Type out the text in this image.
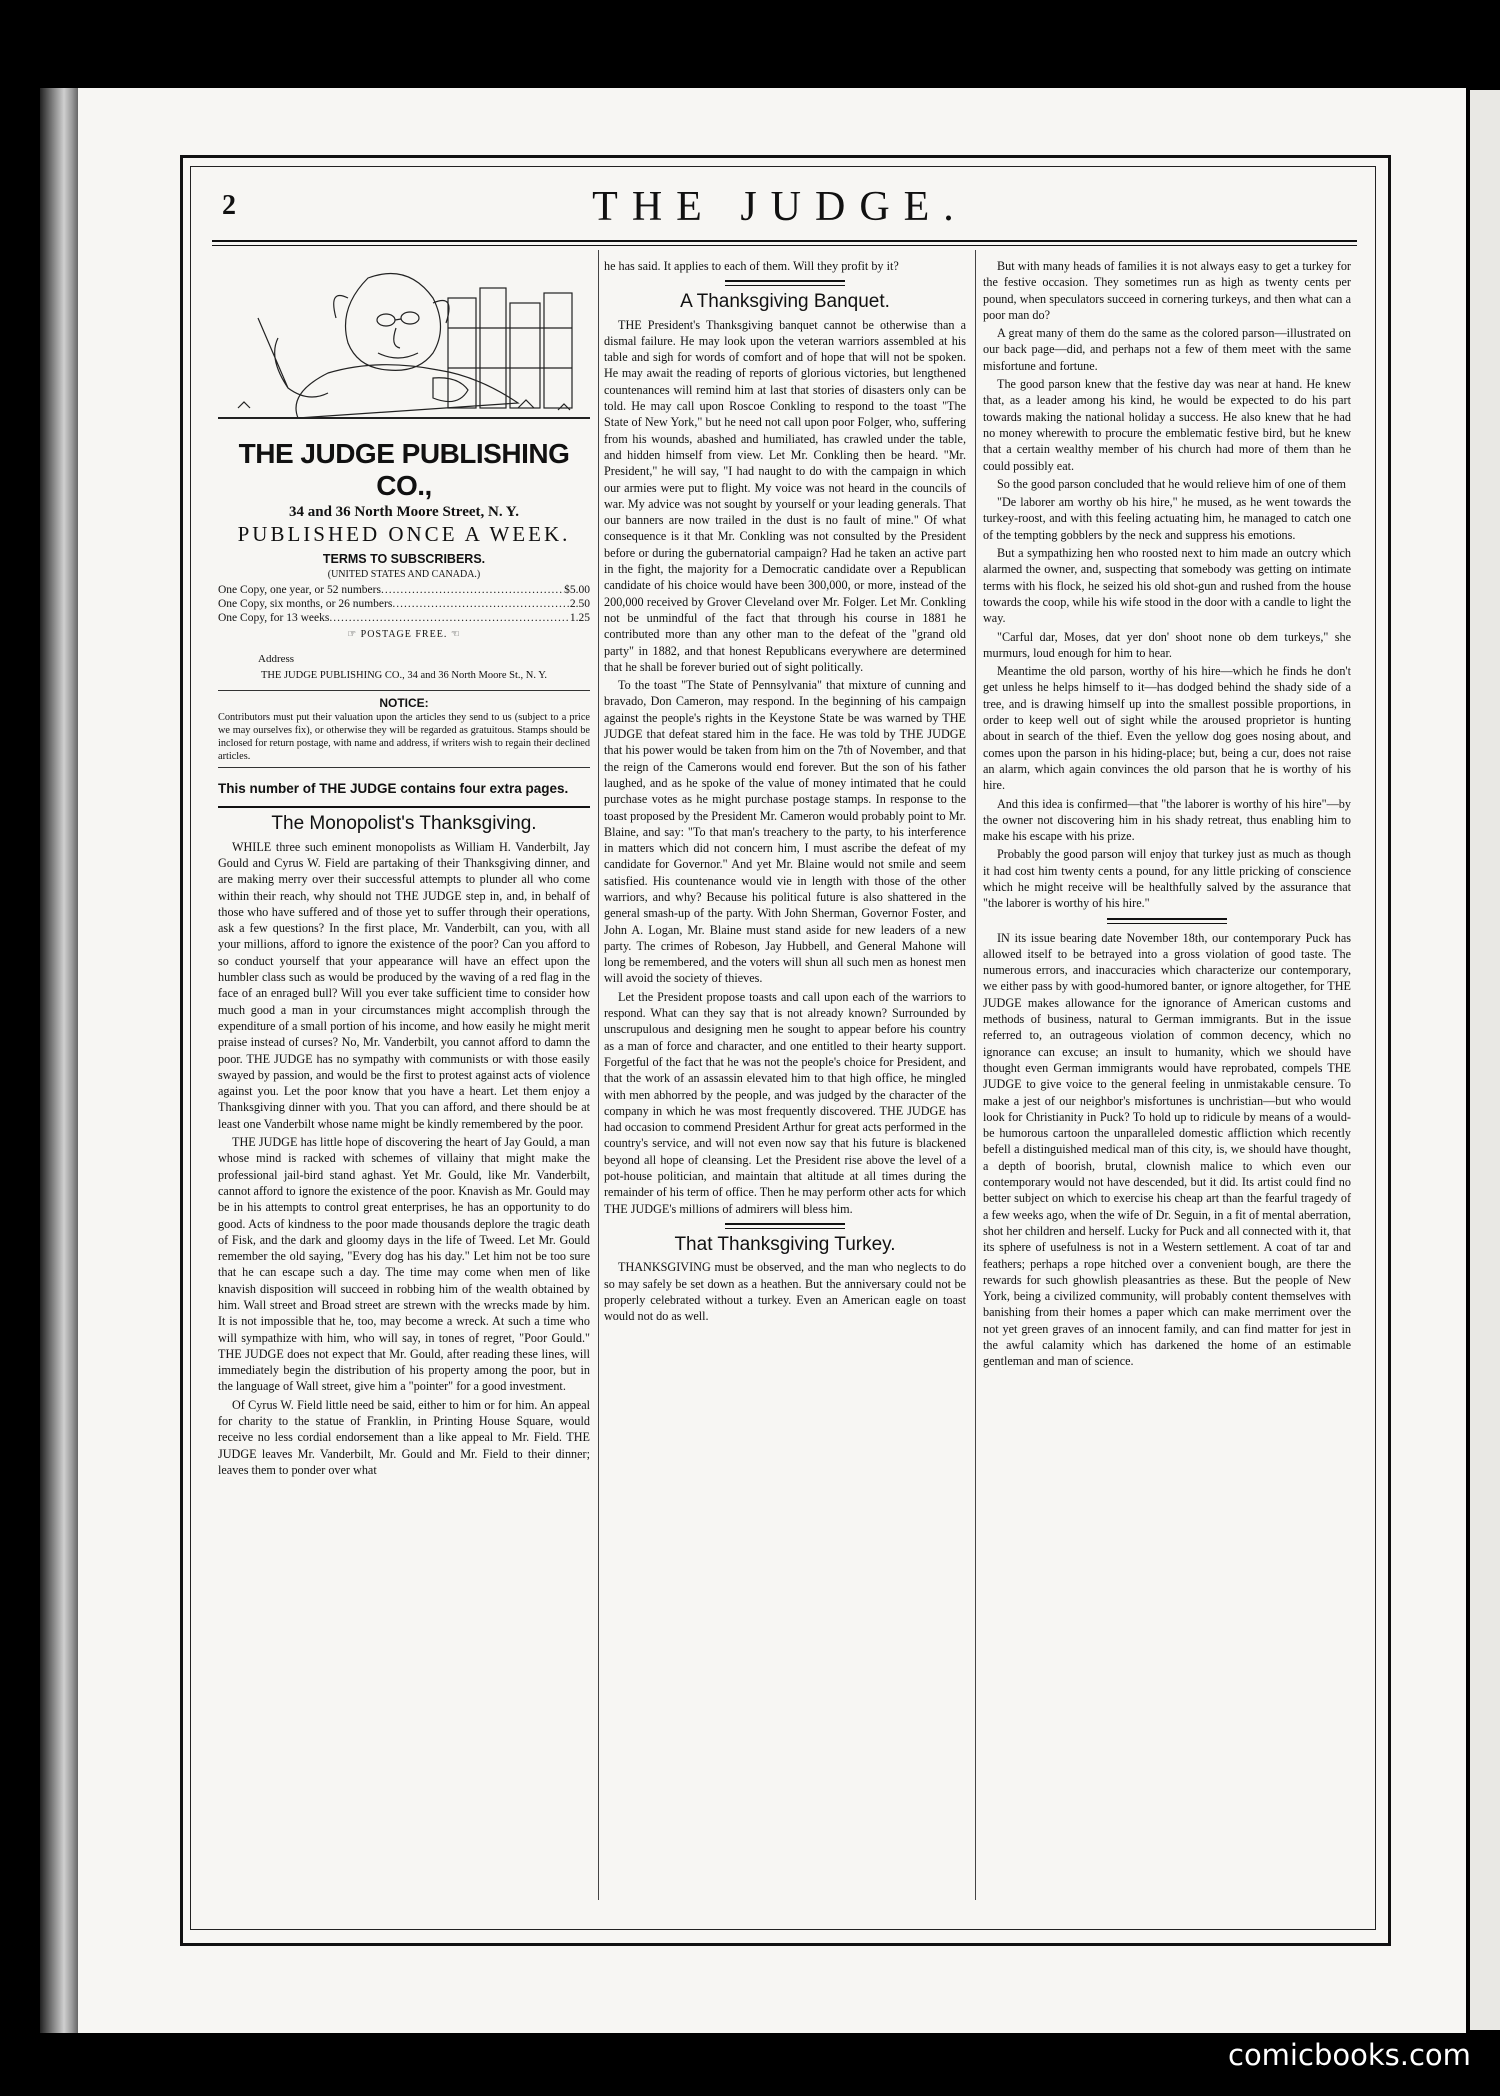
2	THE JUDGE.
THE JUDGE PUBLISHING CO.,
34 and 36 North Moore Street, N. Y.
PUBLISHED ONCE A WEEK.
TERMS TO SUBSCRIBERS.
(UNITED STATES AND CANADA.)
One Copy, one year, or 52 numbers .....	$5.00
One Copy, six months, or 26 numbers .....	2.50
One Copy, for 13 weeks .....	1.25
☞ POSTAGE FREE. ☜
Address
THE JUDGE PUBLISHING CO., 34 and 36 North Moore St., N. Y.
NOTICE:
Contributors must put their valuation upon the articles they send to us (subject to a price we may ourselves fix), or otherwise they will be regarded as gratuitous. Stamps should be inclosed for return postage, with name and address, if writers wish to regain their declined articles.
This number of THE JUDGE contains four extra pages.
The Monopolist's Thanksgiving.

WHILE three such eminent monopolists as William H. Vanderbilt, Jay Gould and Cyrus W. Field are partaking of their Thanksgiving dinner, and are making merry over their successful attempts to plunder all who come within their reach, why should not THE JUDGE step in, and, in behalf of those who have suffered and of those yet to suffer through their operations, ask a few questions? In the first place, Mr. Vanderbilt, can you, with all your millions, afford to ignore the existence of the poor? Can you afford to so conduct yourself that your appearance will have an effect upon the humbler class such as would be produced by the waving of a red flag in the face of an enraged bull? Will you ever take sufficient time to consider how much good a man in your circumstances might accomplish through the expenditure of a small portion of his income, and how easily he might merit praise instead of curses? No, Mr. Vanderbilt, you cannot afford to damn the poor. THE JUDGE has no sympathy with communists or with those easily swayed by passion, and would be the first to protest against acts of violence against you. Let the poor know that you have a heart. Let them enjoy a Thanksgiving dinner with you. That you can afford, and there should be at least one Vanderbilt whose name might be kindly remembered by the poor.

THE JUDGE has little hope of discovering the heart of Jay Gould, a man whose mind is racked with schemes of villainy that might make the professional jail-bird stand aghast. Yet Mr. Gould, like Mr. Vanderbilt, cannot afford to ignore the existence of the poor. Knavish as Mr. Gould may be in his attempts to control great enterprises, he has an opportunity to do good. Acts of kindness to the poor made thousands deplore the tragic death of Fisk, and the dark and gloomy days in the life of Tweed. Let Mr. Gould remember the old saying, "Every dog has his day." Let him not be too sure that he can escape such a day. The time may come when men of like knavish disposition will succeed in robbing him of the wealth obtained by him. Wall street and Broad street are strewn with the wrecks made by him. It is not impossible that he, too, may become a wreck. At such a time who will sympathize with him, who will say, in tones of regret, "Poor Gould." THE JUDGE does not expect that Mr. Gould, after reading these lines, will immediately begin the distribution of his property among the poor, but in the language of Wall street, give him a "pointer" for a good investment.

Of Cyrus W. Field little need be said, either to him or for him. An appeal for charity to the statue of Franklin, in Printing House Square, would receive no less cordial endorsement than a like appeal to Mr. Field. THE JUDGE leaves Mr. Vanderbilt, Mr. Gould and Mr. Field to their dinner; leaves them to ponder over what

he has said. It applies to each of them. Will they profit by it?

A Thanksgiving Banquet.

THE President's Thanksgiving banquet cannot be otherwise than a dismal failure. He may look upon the veteran warriors assembled at his table and sigh for words of comfort and of hope that will not be spoken. He may await the reading of reports of glorious victories, but lengthened countenances will remind him at last that stories of disasters only can be told. He may call upon Roscoe Conkling to respond to the toast "The State of New York," but he need not call upon poor Folger, who, suffering from his wounds, abashed and humiliated, has crawled under the table, and hidden himself from view. Let Mr. Conkling then be heard. "Mr. President," he will say, "I had naught to do with the campaign in which our armies were put to flight. My voice was not heard in the councils of war. My advice was not sought by yourself or your leading generals. That our banners are now trailed in the dust is no fault of mine." Of what consequence is it that Mr. Conkling was not consulted by the President before or during the gubernatorial campaign? Had he taken an active part in the fight, the majority for a Democratic candidate over a Republican candidate of his choice would have been 300,000, or more, instead of the 200,000 received by Grover Cleveland over Mr. Folger. Let Mr. Conkling not be unmindful of the fact that through his course in 1881 he contributed more than any other man to the defeat of the "grand old party" in 1882, and that honest Republicans everywhere are determined that he shall be forever buried out of sight politically.

To the toast "The State of Pennsylvania" that mixture of cunning and bravado, Don Cameron, may respond. In the beginning of his campaign against the people's rights in the Keystone State be was warned by THE JUDGE that defeat stared him in the face. He was told by THE JUDGE that his power would be taken from him on the 7th of November, and that the reign of the Camerons would end forever. But the son of his father laughed, and as he spoke of the value of money intimated that he could purchase votes as he might purchase postage stamps. In response to the toast proposed by the President Mr. Cameron would probably point to Mr. Blaine, and say: "To that man's treachery to the party, to his interference in matters which did not concern him, I must ascribe the defeat of my candidate for Governor." And yet Mr. Blaine would not smile and seem satisfied. His countenance would vie in length with those of the other warriors, and why? Because his political future is also shattered in the general smash-up of the party. With John Sherman, Governor Foster, and John A. Logan, Mr. Blaine must stand aside for new leaders of a new party. The crimes of Robeson, Jay Hubbell, and General Mahone will long be remembered, and the voters will shun all such men as honest men will avoid the society of thieves.

Let the President propose toasts and call upon each of the warriors to respond. What can they say that is not already known? Surrounded by unscrupulous and designing men he sought to appear before his country as a man of force and character, and one entitled to their hearty support. Forgetful of the fact that he was not the people's choice for President, and that the work of an assassin elevated him to that high office, he mingled with men abhorred by the people, and was judged by the character of the company in which he was most frequently discovered. THE JUDGE has had occasion to commend President Arthur for great acts performed in the country's service, and will not even now say that his future is blackened beyond all hope of cleansing. Let the President rise above the level of a pot-house politician, and maintain that altitude at all times during the remainder of his term of office. Then he may perform other acts for which THE JUDGE's millions of admirers will bless him.

That Thanksgiving Turkey.

THANKSGIVING must be observed, and the man who neglects to do so may safely be set down as a heathen. But the anniversary could not be properly celebrated without a turkey. Even an American eagle on toast would not do as well.

But with many heads of families it is not always easy to get a turkey for the festive occasion. They sometimes run as high as twenty cents per pound, when speculators succeed in cornering turkeys, and then what can a poor man do?

A great many of them do the same as the colored parson—illustrated on our back page—did, and perhaps not a few of them meet with the same misfortune and fortune.

The good parson knew that the festive day was near at hand. He knew that, as a leader among his kind, he would be expected to do his part towards making the national holiday a success. He also knew that he had no money wherewith to procure the emblematic festive bird, but he knew that a certain wealthy member of his church had more of them than he could possibly eat.

So the good parson concluded that he would relieve him of one of them

"De laborer am worthy ob his hire," he mused, as he went towards the turkey-roost, and with this feeling actuating him, he managed to catch one of the tempting gobblers by the neck and suppress his emotions.

But a sympathizing hen who roosted next to him made an outcry which alarmed the owner, and, suspecting that somebody was getting on intimate terms with his flock, he seized his old shot-gun and rushed from the house towards the coop, while his wife stood in the door with a candle to light the way.

"Carful dar, Moses, dat yer don' shoot none ob dem turkeys," she murmurs, loud enough for him to hear.

Meantime the old parson, worthy of his hire—which he finds he don't get unless he helps himself to it—has dodged behind the shady side of a tree, and is drawing himself up into the smallest possible proportions, in order to keep well out of sight while the aroused proprietor is hunting about in search of the thief. Even the yellow dog goes nosing about, and comes upon the parson in his hiding-place; but, being a cur, does not raise an alarm, which again convinces the old parson that he is worthy of his hire.

And this idea is confirmed—that "the laborer is worthy of his hire"—by the owner not discovering him in his shady retreat, thus enabling him to make his escape with his prize.

Probably the good parson will enjoy that turkey just as much as though it had cost him twenty cents a pound, for any little pricking of conscience which he might receive will be healthfully salved by the assurance that "the laborer is worthy of his hire."

IN its issue bearing date November 18th, our contemporary Puck has allowed itself to be betrayed into a gross violation of good taste. The numerous errors, and inaccuracies which characterize our contemporary, we either pass by with good-humored banter, or ignore altogether, for THE JUDGE makes allowance for the ignorance of American customs and methods of business, natural to German immigrants. But in the issue referred to, an outrageous violation of common decency, which no ignorance can excuse; an insult to humanity, which we should have thought even German immigrants would have reprobated, compels THE JUDGE to give voice to the general feeling in unmistakable censure. To make a jest of our neighbor's misfortunes is unchristian—but who would look for Christianity in Puck? To hold up to ridicule by means of a would-be humorous cartoon the unparalleled domestic affliction which recently befell a distinguished medical man of this city, is, we should have thought, a depth of boorish, brutal, clownish malice to which even our contemporary would not have descended, but it did. Its artist could find no better subject on which to exercise his cheap art than the fearful tragedy of a few weeks ago, when the wife of Dr. Seguin, in a fit of mental aberration, shot her children and herself. Lucky for Puck and all connected with it, that its sphere of usefulness is not in a Western settlement. A coat of tar and feathers; perhaps a rope hitched over a convenient bough, are there the rewards for such ghowlish pleasantries as these. But the people of New York, being a civilized community, will probably content themselves with banishing from their homes a paper which can make merriment over the not yet green graves of an innocent family, and can find matter for jest in the awful calamity which has darkened the home of an estimable gentleman and man of science.

comicbooks.com
